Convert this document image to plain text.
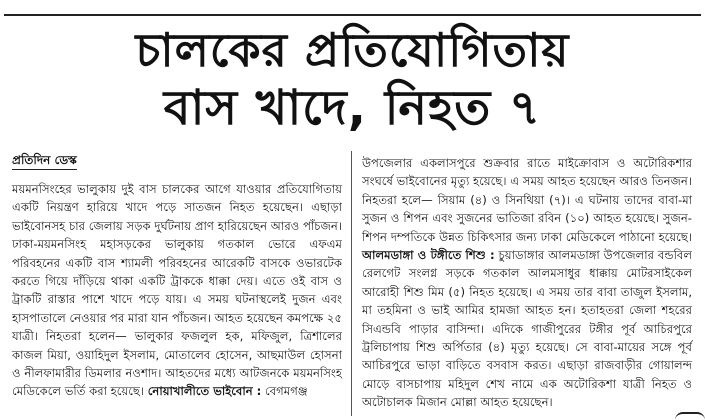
চালকের প্রতিযোগিতায়
বাস খাদে, নিহত ৭
প্রতিদিন ডেস্ক

ময়মনসিংহের ভালুকায় দুই বাস চালকের আগে যাওয়ার প্রতিযোগিতায় একটি নিয়ন্ত্রণ হারিয়ে খাদে পড়ে সাতজন নিহত হয়েছেন। এছাড়া ভাইবোনসহ চার জেলায় সড়ক দুর্ঘটনায় প্রাণ হারিয়েছেন আরও পাঁচজন। ঢাকা-ময়মনসিংহ মহাসড়কের ভালুকায় গতকাল ভোরে এফএম পরিবহনের একটি বাস শ্যামলী পরিবহনের আরেকটি বাসকে ওভারটেক করতে গিয়ে দাঁড়িয়ে থাকা একটি ট্রাককে ধাক্কা দেয়। এতে ওই বাস ও ট্রাকটি রাস্তার পাশে খাদে পড়ে যায়। এ সময় ঘটনাস্থলেই দুজন এবং হাসপাতালে নেওয়ার পর মারা যান পাঁচজন। আহত হয়েছেন কমপক্ষে ২৫ যাত্রী। নিহতরা হলেন— ভালুকার ফজলুল হক, মফিজুল, ত্রিশালের কাজল মিয়া, ওয়াহিদুল ইসলাম, মোতালেব হোসেন, আছমাউল হোসনা ও নীলফামারীর ডিমলার নওশাদ। আহতদের মধ্যে আটজনকে ময়মনসিংহ মেডিকেলে ভর্তি করা হয়েছে। নোয়াখালীতে ভাইবোন : বেগমগঞ্জ

উপজেলার একলাসপুরে শুক্রবার রাতে মাইক্রোবাস ও অটোরিকশার সংঘর্ষে ভাইবোনের মৃত্যু হয়েছে। এ সময় আহত হয়েছেন আরও তিনজন। নিহতরা হলে— সিয়াম (৪) ও সিনথিয়া (৭)। এ ঘটনায় তাদের বাবা-মা সুজন ও শিপন এবং সুজনের ভাতিজা রবিন (১০) আহত হয়েছে। সুজন-শিপন দম্পতিকে উন্নত চিকিৎসার জন্য ঢাকা মেডিকেলে পাঠানো হয়েছে। আলমডাঙ্গা ও টঙ্গীতে শিশু : চুয়াডাঙ্গার আলমডাঙ্গা উপজেলার বন্ডবিল রেলগেট সংলগ্ন সড়কে গতকাল আলমসাধুর ধাক্কায় মোটরসাইকেল আরোহী শিশু মিম (৫) নিহত হয়েছে। এ সময় তার বাবা তাজুল ইসলাম, মা তহমিনা ও ভাই আমির হামজা আহত হন। হতাহতরা জেলা শহরের সিএন্ডবি পাড়ার বাসিন্দা। এদিকে গাজীপুরের টঙ্গীর পূর্ব আচিরপুরে ট্রলিচাপায় শিশু অর্পিতার (৪) মৃত্যু হয়েছে। সে বাবা-মায়ের সঙ্গে পূর্ব আচিরপুরে ভাড়া বাড়িতে বসবাস করত। এছাড়া রাজবাড়ীর গোয়ালন্দ মোড়ে বাসচাপায় মহিদুল শেখ নামে এক অটোরিকশা যাত্রী নিহত ও অটোচালক মিজান মোল্লা আহত হয়েছেন।
